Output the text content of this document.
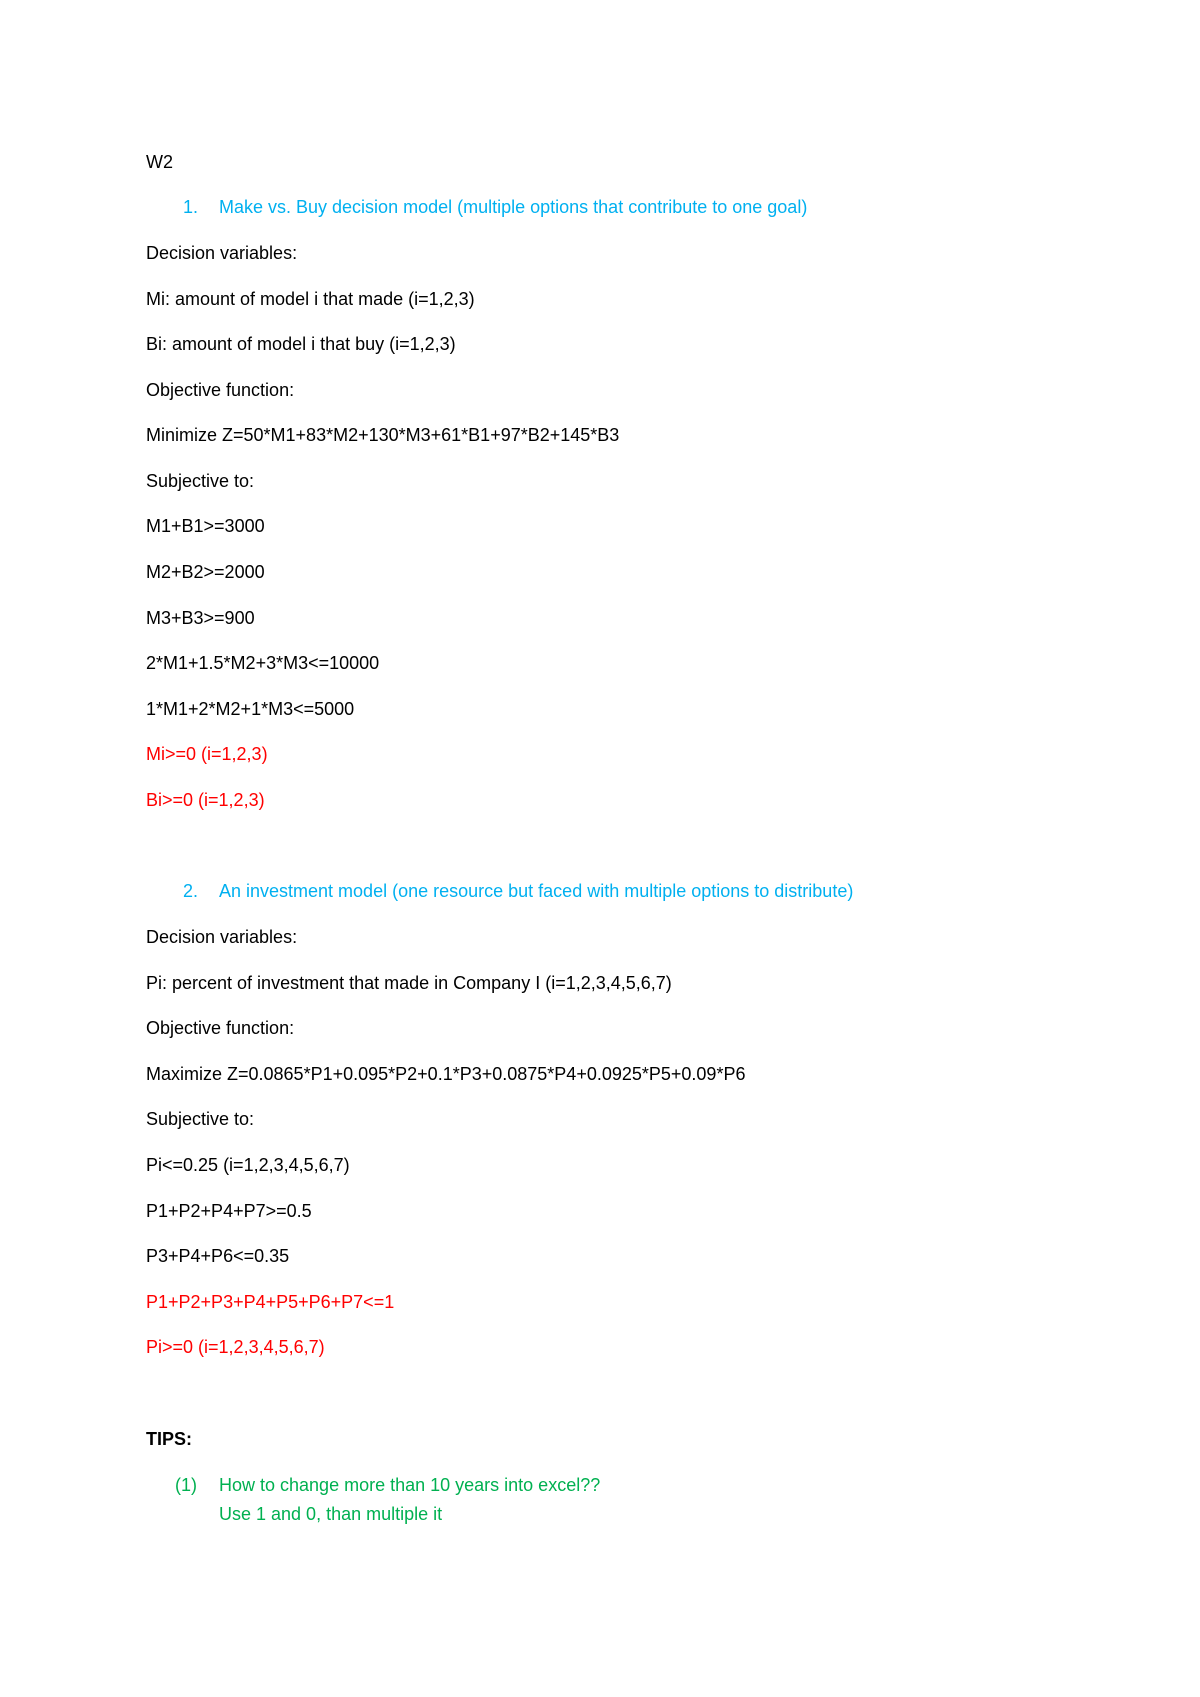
W2
1. Make vs. Buy decision model (multiple options that contribute to one goal)
Decision variables:
Mi: amount of model i that made (i=1,2,3)
Bi: amount of model i that buy (i=1,2,3)
Objective function:
Minimize Z=50*M1+83*M2+130*M3+61*B1+97*B2+145*B3
Subjective to:
M1+B1>=3000
M2+B2>=2000
M3+B3>=900
2*M1+1.5*M2+3*M3<=10000
1*M1+2*M2+1*M3<=5000
Mi>=0 (i=1,2,3)
Bi>=0 (i=1,2,3)
2. An investment model (one resource but faced with multiple options to distribute)
Decision variables:
Pi: percent of investment that made in Company I (i=1,2,3,4,5,6,7)
Objective function:
Maximize Z=0.0865*P1+0.095*P2+0.1*P3+0.0875*P4+0.0925*P5+0.09*P6
Subjective to:
Pi<=0.25 (i=1,2,3,4,5,6,7)
P1+P2+P4+P7>=0.5
P3+P4+P6<=0.35
P1+P2+P3+P4+P5+P6+P7<=1
Pi>=0 (i=1,2,3,4,5,6,7)
TIPS:
(1) How to change more than 10 years into excel??
Use 1 and 0, than multiple it
